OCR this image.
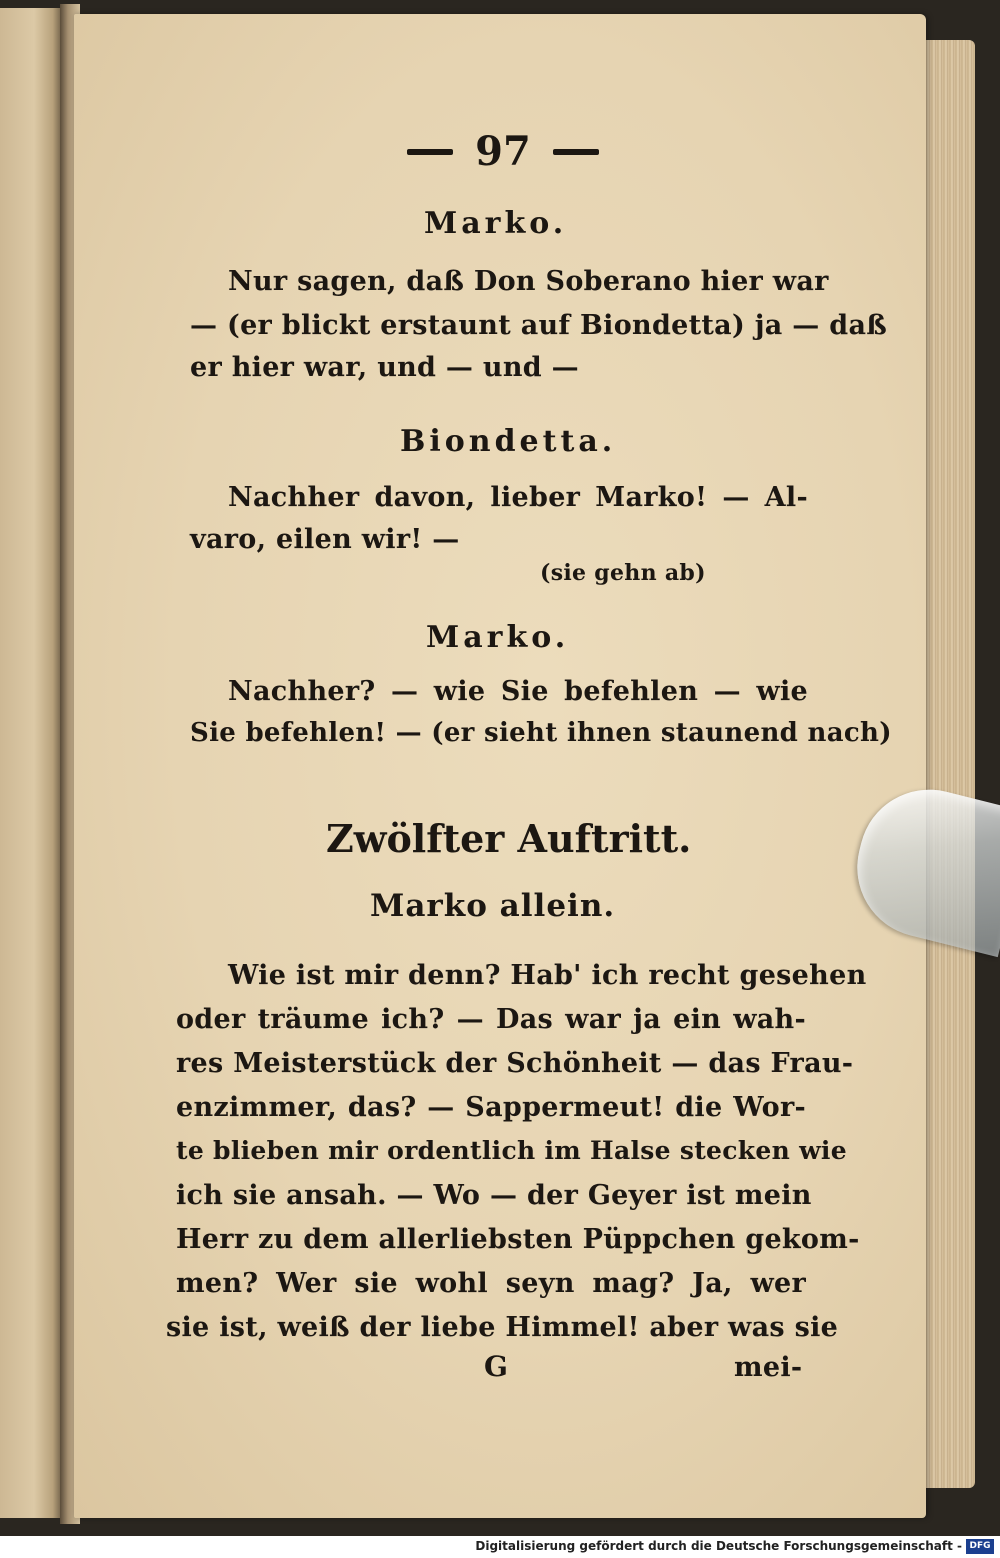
97
Marko.
Nur sagen, daß Don Soberano hier war
— (er blickt erstaunt auf Biondetta) ja — daß
er hier war, und — und —
Biondetta.
Nachher davon, lieber Marko! — Al-
varo, eilen wir! —
(sie gehn ab)
Marko.
Nachher? — wie Sie befehlen — wie
Sie befehlen! — (er sieht ihnen staunend nach)
Zwölfter Auftritt.
Marko allein.
Wie ist mir denn? Hab' ich recht gesehen
oder träume ich? — Das war ja ein wah-
res Meisterstück der Schönheit — das Frau-
enzimmer, das? — Sappermeut! die Wor-
te blieben mir ordentlich im Halse stecken wie
ich sie ansah. — Wo — der Geyer ist mein
Herr zu dem allerliebsten Püppchen gekom-
men? Wer sie wohl seyn mag? Ja, wer
sie ist, weiß der liebe Himmel! aber was sie
G	mei-
Digitalisierung gefördert durch die Deutsche Forschungsgemeinschaft - DFG
